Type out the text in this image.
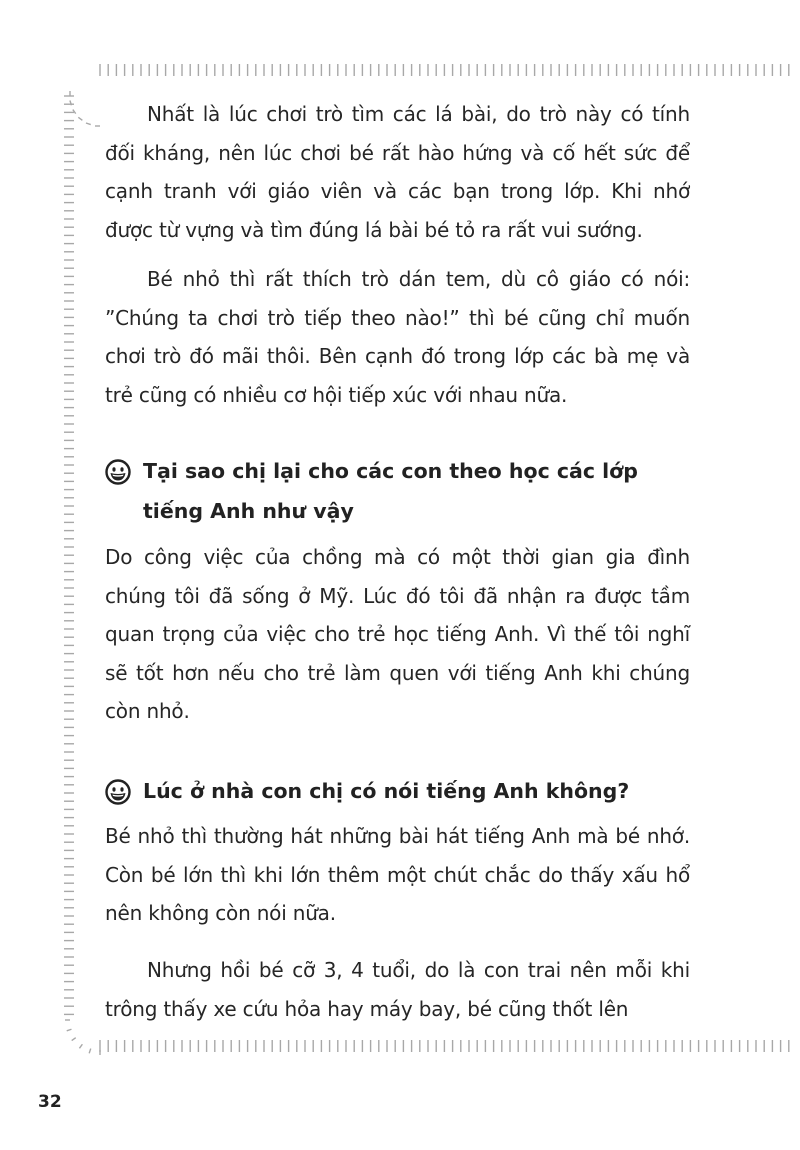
Nhất là lúc chơi trò tìm các lá bài, do trò này có tính đối kháng, nên lúc chơi bé rất hào hứng và cố hết sức để cạnh tranh với giáo viên và các bạn trong lớp. Khi nhớ được từ vựng và tìm đúng lá bài bé tỏ ra rất vui sướng.

Bé nhỏ thì rất thích trò dán tem, dù cô giáo có nói: ”Chúng ta chơi trò tiếp theo nào!” thì bé cũng chỉ muốn chơi trò đó mãi thôi. Bên cạnh đó trong lớp các bà mẹ và trẻ cũng có nhiều cơ hội tiếp xúc với nhau nữa.

Tại sao chị lại cho các con theo học các lớp tiếng Anh như vậy

Do công việc của chồng mà có một thời gian gia đình chúng tôi đã sống ở Mỹ. Lúc đó tôi đã nhận ra được tầm quan trọng của việc cho trẻ học tiếng Anh. Vì thế tôi nghĩ sẽ tốt hơn nếu cho trẻ làm quen với tiếng Anh khi chúng còn nhỏ.

Lúc ở nhà con chị có nói tiếng Anh không?

Bé nhỏ thì thường hát những bài hát tiếng Anh mà bé nhớ. Còn bé lớn thì khi lớn thêm một chút chắc do thấy xấu hổ nên không còn nói nữa.

Nhưng hồi bé cỡ 3, 4 tuổi, do là con trai nên mỗi khi trông thấy xe cứu hỏa hay máy bay, bé cũng thốt lên

32
